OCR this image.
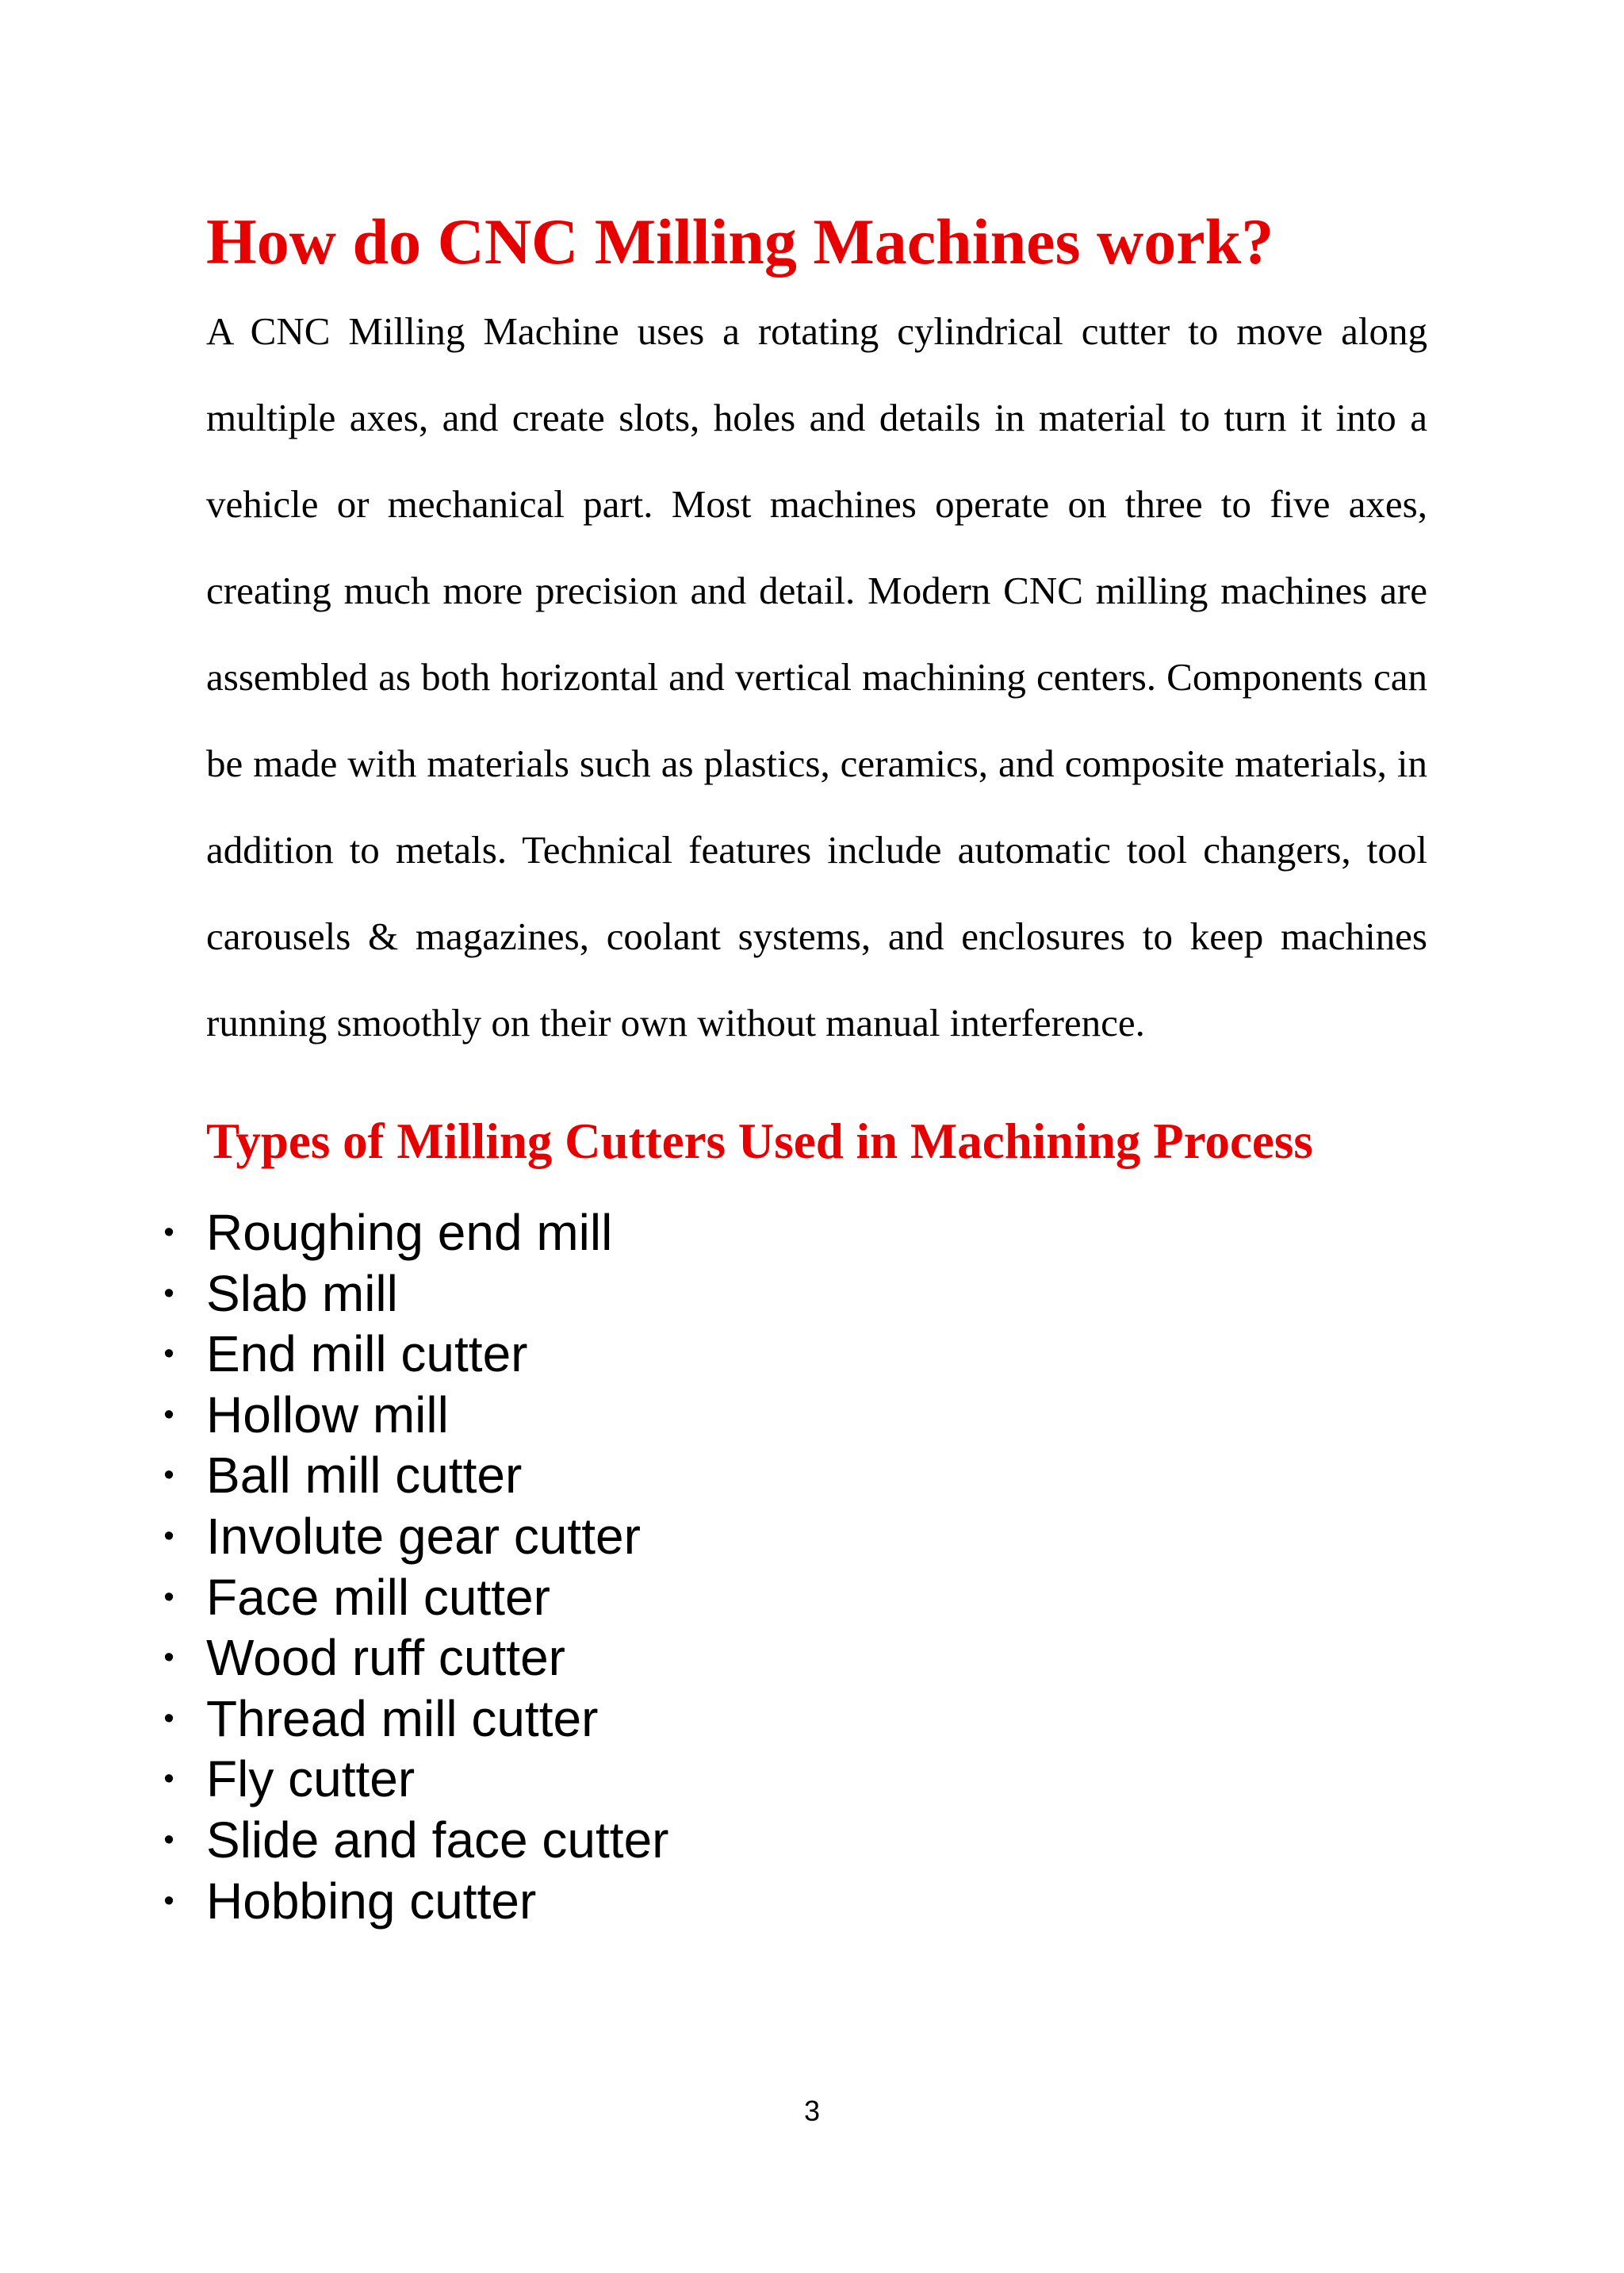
How do CNC Milling Machines work?

A CNC Milling Machine uses a rotating cylindrical cutter to move along multiple axes, and create slots, holes and details in material to turn it into a vehicle or mechanical part. Most machines operate on three to five axes, creating much more precision and detail. Modern CNC milling machines are assembled as both horizontal and vertical machining centers. Components can be made with materials such as plastics, ceramics, and composite materials, in addition to metals. Technical features include automatic tool changers, tool carousels & magazines, coolant systems, and enclosures to keep machines running smoothly on their own without manual interference.

Types of Milling Cutters Used in Machining Process
• Roughing end mill
• Slab mill
• End mill cutter
• Hollow mill
• Ball mill cutter
• Involute gear cutter
• Face mill cutter
• Wood ruff cutter
• Thread mill cutter
• Fly cutter
• Slide and face cutter
• Hobbing cutter
3
